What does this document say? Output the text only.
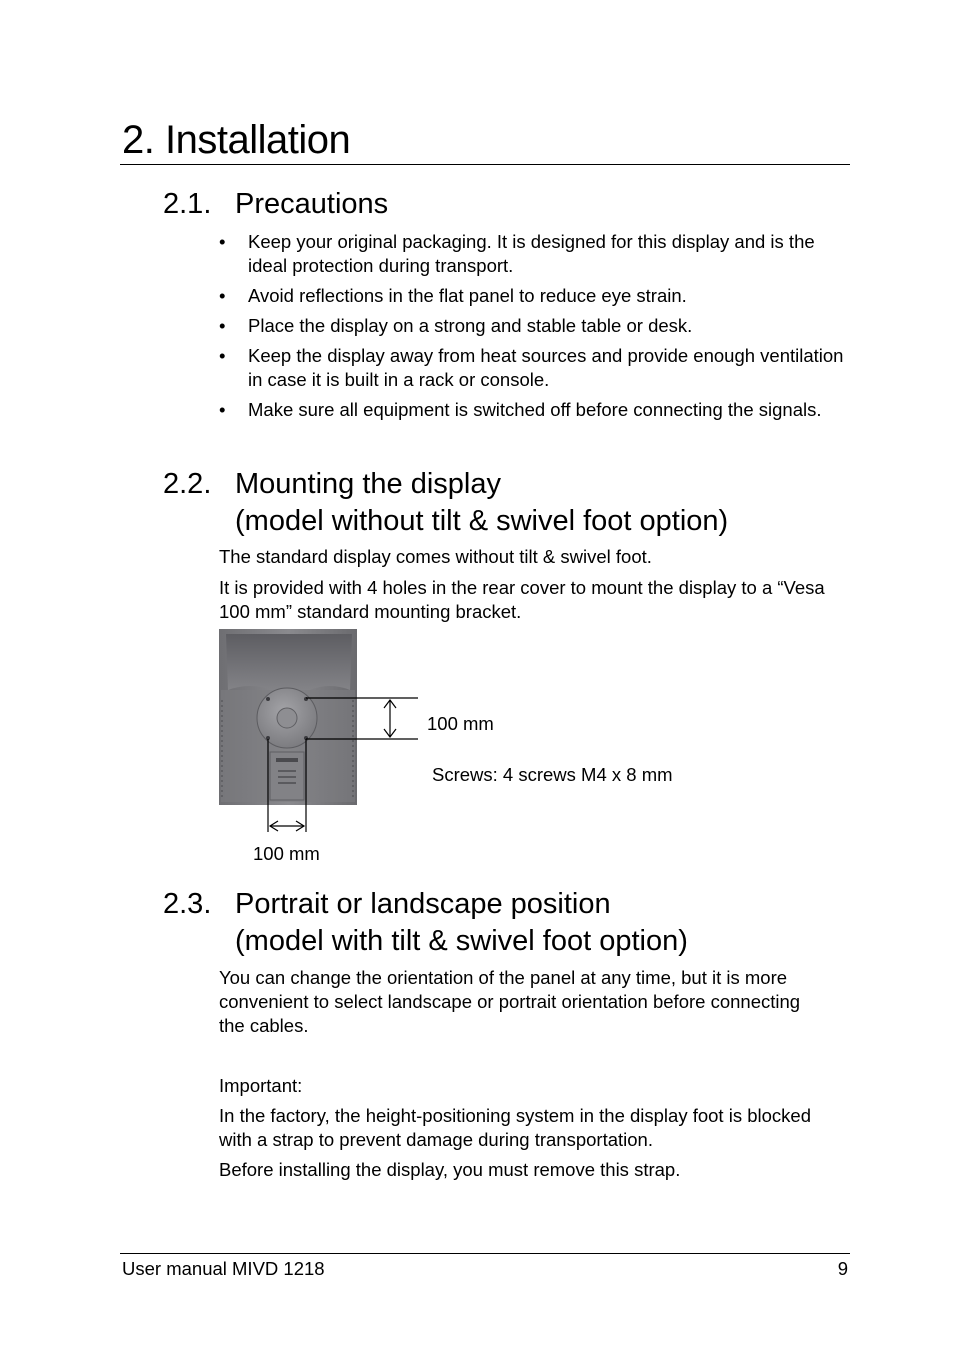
2. Installation
2.1. Precautions
• Keep your original packaging. It is designed for this display and is the ideal protection during transport.
• Avoid reflections in the flat panel to reduce eye strain.
• Place the display on a strong and stable table or desk.
• Keep the display away from heat sources and provide enough ventilation in case it is built in a rack or console.
• Make sure all equipment is switched off before connecting the signals.
2.2. Mounting the display
(model without tilt & swivel foot option)

The standard display comes without tilt & swivel foot.

It is provided with 4 holes in the rear cover to mount the display to a “Vesa 100 mm” standard mounting bracket.

100 mm
Screws: 4 screws M4 x 8 mm
100 mm
2.3. Portrait or landscape position
(model with tilt & swivel foot option)

You can change the orientation of the panel at any time, but it is more convenient to select landscape or portrait orientation before connecting the cables.

Important:

In the factory, the height-positioning system in the display foot is blocked with a strap to prevent damage during transportation.

Before installing the display, you must remove this strap.

User manual MIVD 1218	9
